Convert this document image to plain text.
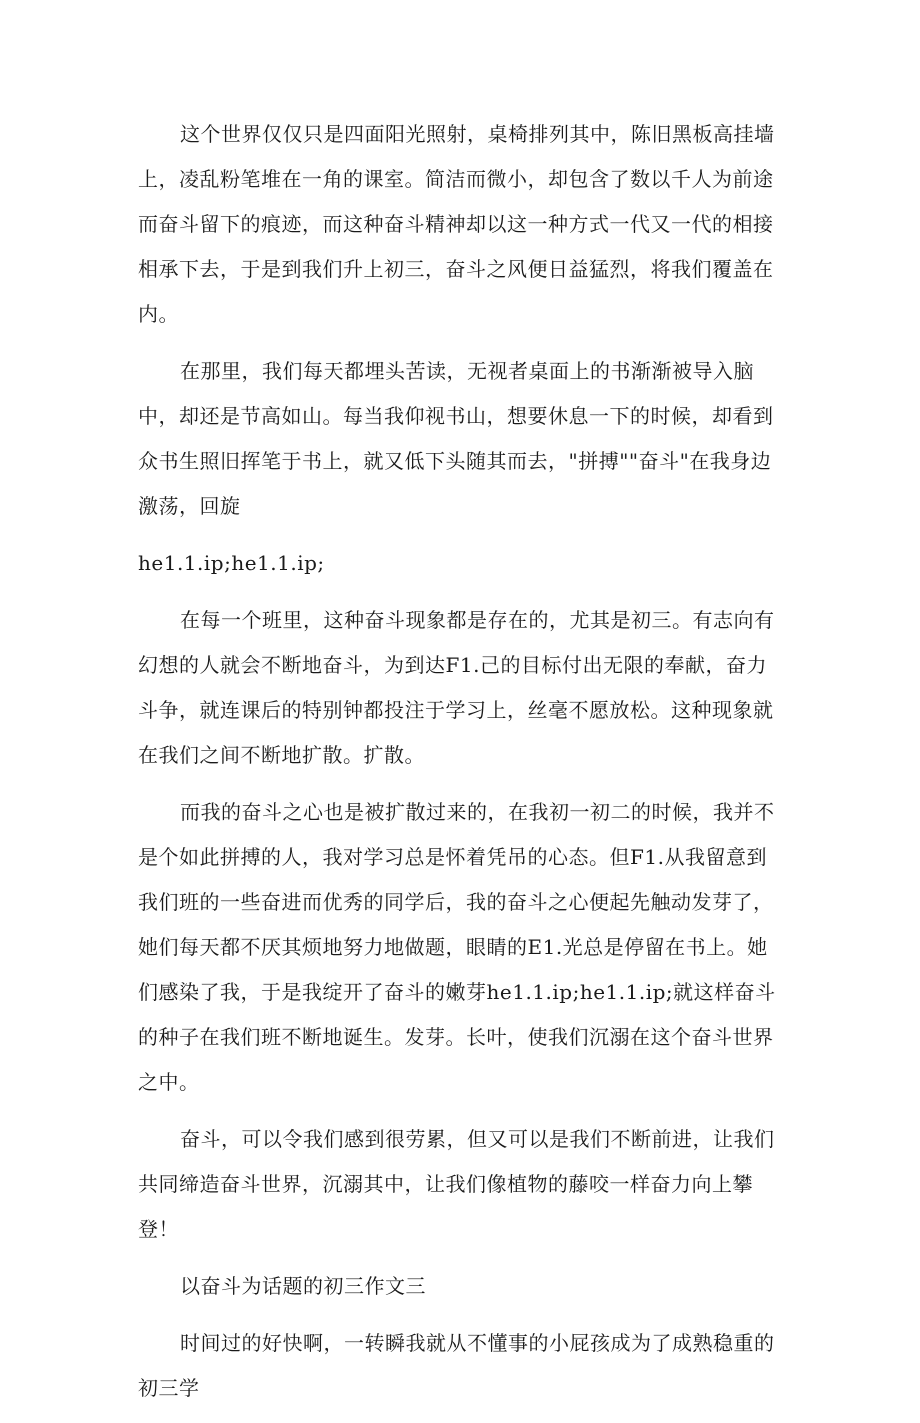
这个世界仅仅只是四面阳光照射，桌椅排列其中，陈旧黑板高挂墙上，凌乱粉笔堆在一角的课室。简洁而微小，却包含了数以千人为前途而奋斗留下的痕迹，而这种奋斗精神却以这一种方式一代又一代的相接相承下去，于是到我们升上初三，奋斗之风便日益猛烈，将我们覆盖在内。

在那里，我们每天都埋头苦读，无视者桌面上的书渐渐被导入脑中，却还是节高如山。每当我仰视书山，想要休息一下的时候，却看到众书生照旧挥笔于书上，就又低下头随其而去，"拼搏""奋斗"在我身边激荡，回旋

he1.1.ip;he1.1.ip;

在每一个班里，这种奋斗现象都是存在的，尤其是初三。有志向有幻想的人就会不断地奋斗，为到达F1.己的目标付出无限的奉献，奋力斗争，就连课后的特别钟都投注于学习上，丝毫不愿放松。这种现象就在我们之间不断地扩散。扩散。

而我的奋斗之心也是被扩散过来的，在我初一初二的时候，我并不是个如此拼搏的人，我对学习总是怀着凭吊的心态。但F1.从我留意到我们班的一些奋进而优秀的同学后，我的奋斗之心便起先触动发芽了，她们每天都不厌其烦地努力地做题，眼睛的E1.光总是停留在书上。她们感染了我，于是我绽开了奋斗的嫩芽he1.1.ip;he1.1.ip;就这样奋斗的种子在我们班不断地诞生。发芽。长叶，使我们沉溺在这个奋斗世界之中。

奋斗，可以令我们感到很劳累，但又可以是我们不断前进，让我们共同缔造奋斗世界，沉溺其中，让我们像植物的藤咬一样奋力向上攀登！

以奋斗为话题的初三作文三

时间过的好快啊，一转瞬我就从不懂事的小屁孩成为了成熟稳重的初三学
